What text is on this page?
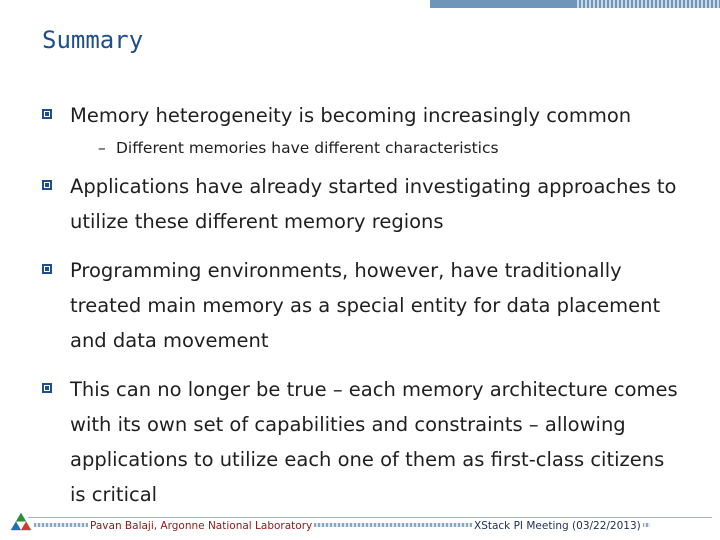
Summary
Memory heterogeneity is becoming increasingly common
– Different memories have different characteristics
Applications have already started investigating approaches to utilize these different memory regions
Programming environments, however, have traditionally treated main memory as a special entity for data placement and data movement
This can no longer be true – each memory architecture comes with its own set of capabilities and constraints – allowing applications to utilize each one of them as first-class citizens is critical
Pavan Balaji, Argonne National Laboratory	XStack PI Meeting (03/22/2013)
